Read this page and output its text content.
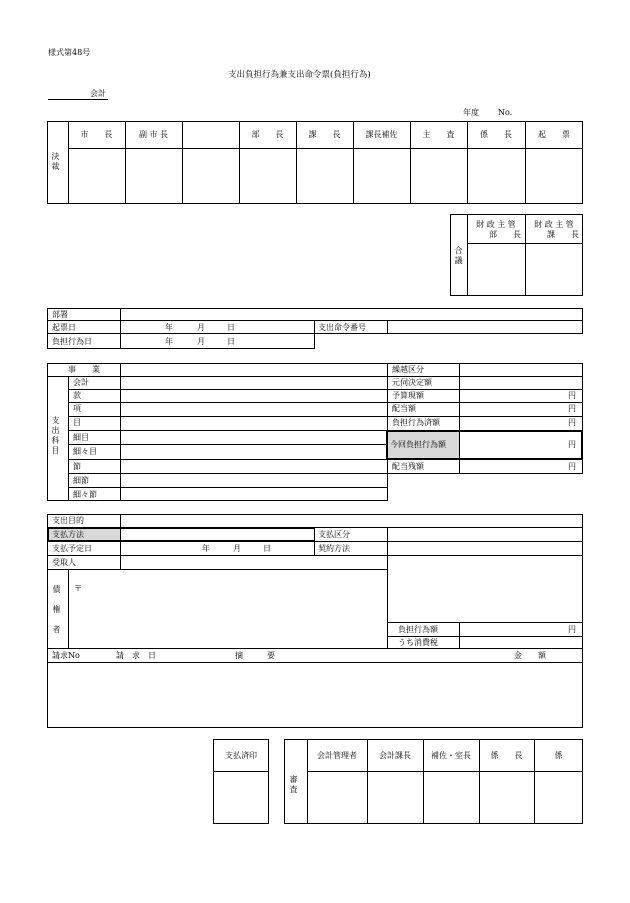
様式第48号
支出負担行為兼支出命令票(負担行為)
会計
年度 No.
決裁
市　　長	副 市 長	部　　長	課　　長	課長補佐	主　　査	係　　長	起　　票
合議
財 政 主 管
部　　長
財 政 主 管
課　　長
部署
起票日	年	月	日	支出命令番号
負担行為日	年	月	日
事　　業
支出科目
会計
款
項
目
細目
細々目
節
細節
細々節
繰越区分
元伺決定額
予算現額	円
配当額	円
負担行為済額	円
今回負担行為額	円
配当残額	円
支出目的
支払方法	支払区分
支払予定日	年	月	日	契約方法
受取人
債権者 〒
負担行為額	円
うち消費税
請求No	請　求　日	摘　　　要	金　　額
支払済印
審査
会計管理者	会計課長	補佐・室長	係　　長	係
